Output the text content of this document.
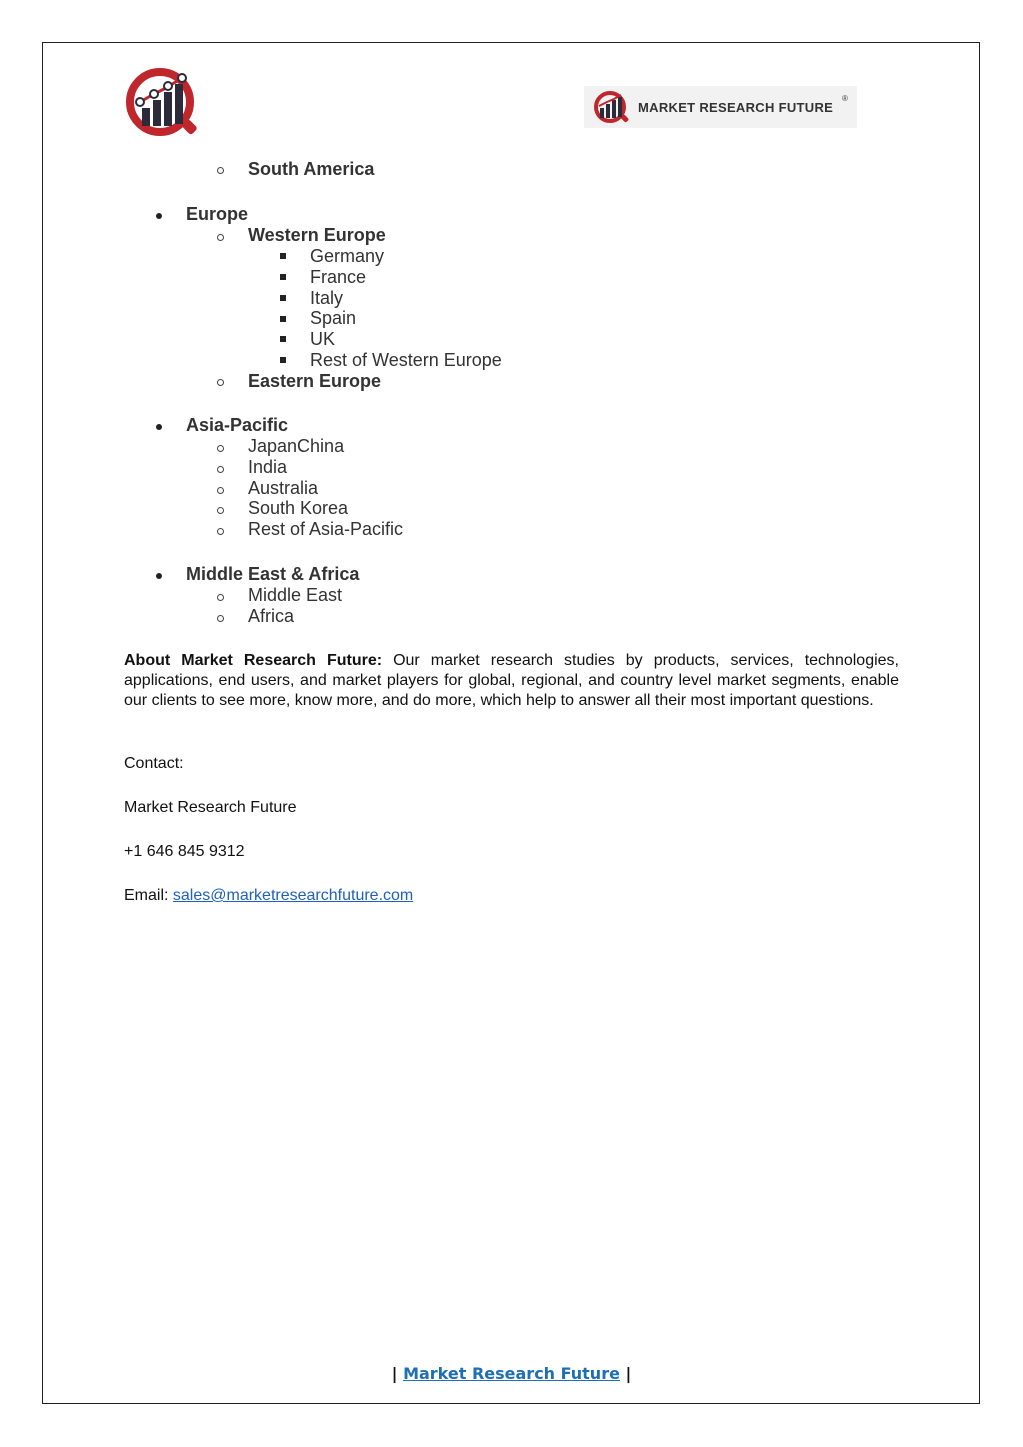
MARKET RESEARCH FUTURE
®
South America
Europe
Western Europe
Germany
France
Italy
Spain
UK
Rest of Western Europe
Eastern Europe
Asia-Pacific
JapanChina
India
Australia
South Korea
Rest of Asia-Pacific
Middle East & Africa
Middle East
Africa
About Market Research Future: Our market research studies by products, services, technologies, applications, end users, and market players for global, regional, and country level market segments, enable our clients to see more, know more, and do more, which help to answer all their most important questions.
Contact:
Market Research Future
+1 646 845 9312
Email: sales@marketresearchfuture.com
| Market Research Future |
